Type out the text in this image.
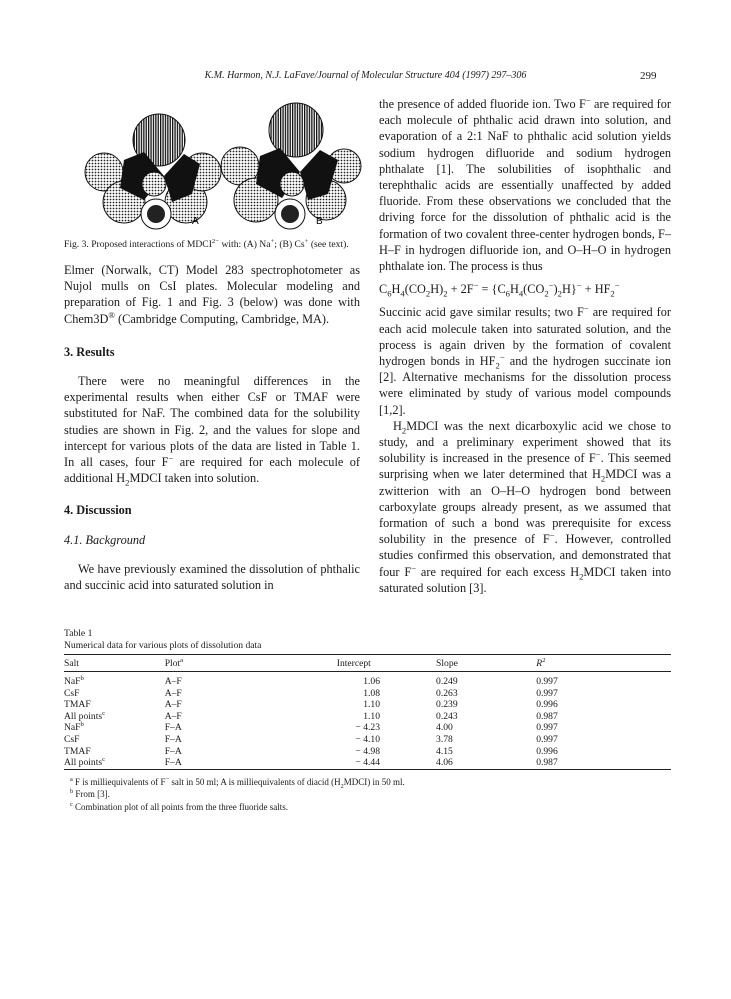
K.M. Harmon, N.J. LaFave/Journal of Molecular Structure 404 (1997) 297–306	299
A	B
Fig. 3. Proposed interactions of $MDCI^{2-}$ with: (A) Na+; (B) Cs+ (see text).

Elmer (Norwalk, CT) Model 283 spectrophotometer as Nujol mulls on CsI plates. Molecular modeling and preparation of Fig. 1 and Fig. 3 (below) was done with Chem3D® (Cambridge Computing, Cambridge, MA).

3. Results

There were no meaningful differences in the experimental results when either CsF or TMAF were substituted for NaF. The combined data for the solubility studies are shown in Fig. 2, and the values for slope and intercept for various plots of the data are listed in Table 1. In all cases, four F− are required for each molecule of additional $H_2MDCI$ taken into solution.

4. Discussion
4.1. Background

We have previously examined the dissolution of phthalic and succinic acid into saturated solution in

the presence of added fluoride ion. Two F− are required for each molecule of phthalic acid drawn into solution, and evaporation of a 2:1 NaF to phthalic acid solution yields sodium hydrogen difluoride and sodium hydrogen phthalate [1]. The solubilities of isophthalic and terephthalic acids are essentially unaffected by added fluoride. From these observations we concluded that the driving force for the dissolution of phthalic acid is the formation of two covalent three-center hydrogen bonds, F–H–F in hydrogen difluoride ion, and O–H–O in hydrogen phthalate ion. The process is thus

$C_6H_4(CO_2H)_2 + 2F^- = \{C_6H_4(CO_2^-)_2H\}^- + HF_2^-$

Succinic acid gave similar results; two F− are required for each acid molecule taken into saturated solution, and the process is again driven by the formation of covalent hydrogen bonds in $HF_2^-$ and the hydrogen succinate ion [2]. Alternative mechanisms for the dissolution process were eliminated by study of various model compounds [1,2].

$H_2MDCI$ was the next dicarboxylic acid we chose to study, and a preliminary experiment showed that its solubility is increased in the presence of F−. This seemed surprising when we later determined that $H_2MDCI$ was a zwitterion with an O–H–O hydrogen bond between carboxylate groups already present, as we assumed that formation of such a bond was prerequisite for excess solubility in the presence of F−. However, controlled studies confirmed this observation, and demonstrated that four F− are required for each excess $H_2MDCI$ taken into saturated solution [3].

Table 1
Numerical data for various plots of dissolution data
Salt	Plot$^a$	Intercept	Slope	$R^2$
NaF$^b$	A–F	1.06	0.249	0.997
CsF	A–F	1.08	0.263	0.997
TMAF	A–F	1.10	0.239	0.996
All points$^c$	A–F	1.10	0.243	0.987
NaF$^b$	F–A	− 4.23	4.00	0.997
CsF	F–A	− 4.10	3.78	0.997
TMAF	F–A	− 4.98	4.15	0.996
All points$^c$	F–A	− 4.44	4.06	0.987
$^a$ F is milliequivalents of F− salt in 50 ml; A is milliequivalents of diacid $(H_2MDCI)$ in 50 ml.
$^b$ From [3].
$^c$ Combination plot of all points from the three fluoride salts.
